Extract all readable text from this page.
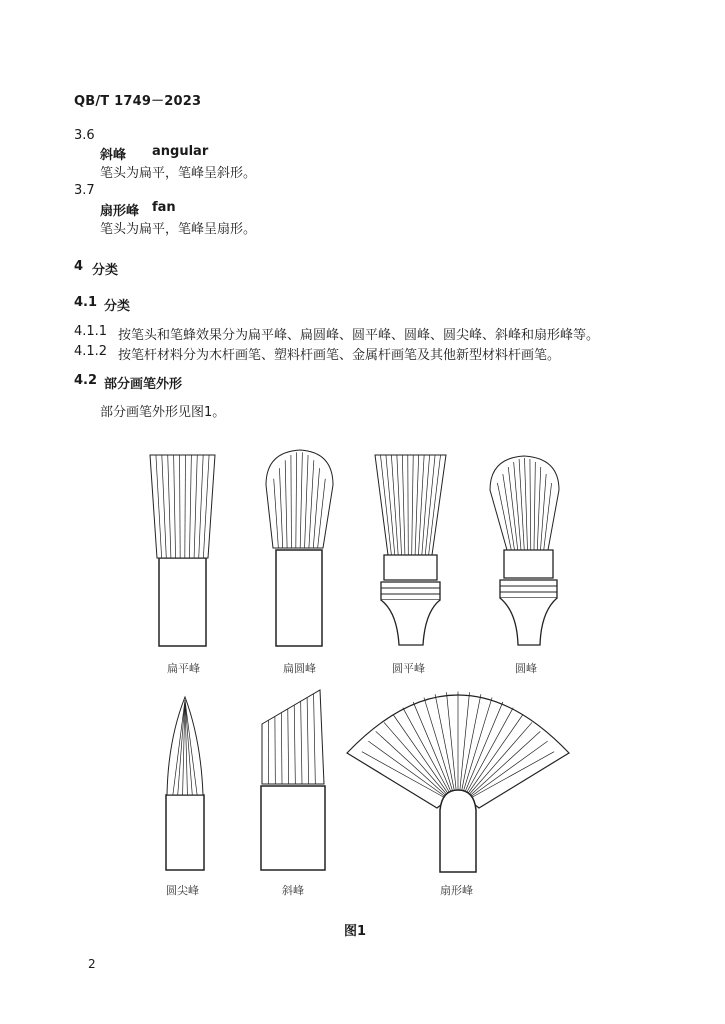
QB/T 1749－2023
3.6
斜峰 angular
笔头为扁平，笔峰呈斜形。
3.7
扇形峰 fan
笔头为扁平，笔峰呈扇形。
4 分类
4.1 分类
4.1.1 按笔头和笔蜂效果分为扁平峰、扁圆峰、圆平峰、圆峰、圆尖峰、斜峰和扇形峰等。
4.1.2 按笔杆材料分为木杆画笔、塑料杆画笔、金属杆画笔及其他新型材料杆画笔。
4.2 部分画笔外形
部分画笔外形见图1。
扁平峰	扁圆峰	圆平峰	圆峰
圆尖峰	斜峰	扇形峰
图1
2
